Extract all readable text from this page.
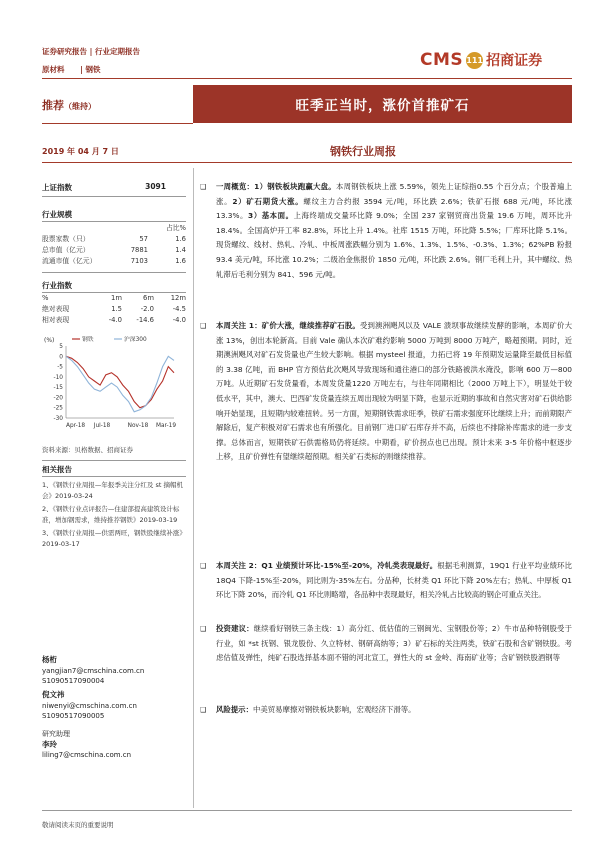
证券研究报告 | 行业定期报告
原材料      | 钢铁	CMS 111 招商证券
推荐（维持）	旺季正当时，涨价首推矿石
2019 年 04 月 7 日	钢铁行业周报
上证指数	3091
行业规模
占比%
股票家数（只）	57	1.6
总市值（亿元）	7881	1.4
流通市值（亿元）	7103	1.6
行业指数
%	1m	6m	12m
绝对表现	1.5	-2.0	-4.5
相对表现	-4.0	-14.6	-4.0
(%)
5
0
-5
-10
-15
-20
-25
-30
Apr-18 Jul-18	Nov-18 Mar-19
钢铁	沪深300
资料来源：贝格数据、招商证券
相关报告
1、《钢铁行业周报—年报季关注分红及 st 摘帽机会》2019-03-24
2、《钢铁行业点评报告—住建部提高建筑设计标准，增加钢需求，维持推荐钢铁》2019-03-19
3、《钢铁行业周报—供需两旺，钢铁股继续补涨》2019-03-17
杨桁
yangjian7@cmschina.com.cn
S1090517090004
倪文祎
niwenyi@cmschina.com.cn
S1090517090005
研究助理
李玲
liling7@cmschina.com.cn
❑	一周概览：1）钢铁板块跑赢大盘。本周钢铁板块上涨 5.59%，领先上证综指0.55 个百分点；个股普遍上涨。2）矿石期货大涨。螺纹主力合约报 3594 元/吨，环比跌 2.6%；铁矿石报 688 元/吨，环比涨 13.3%。3）基本面。上海终端成交量环比降 9.0%；全国 237 家钢贸商出货量 19.6 万吨，周环比升 18.4%。全国高炉开工率 82.8%，环比上升 1.4%。社库 1515 万吨，环比降 5.5%；厂库环比降 5.1%。现货螺纹、线材、热轧、冷轧、中板周涨跌幅分别为 1.6%、1.3%、1.5%、-0.3%、1.3%；62%PB 粉报 93.4 美元/吨，环比涨 10.2%；二级冶金焦报价 1850 元/吨，环比跌 2.6%。钢厂毛利上升，其中螺纹、热轧滞后毛利分别为 841、596 元/吨。
❑	本周关注 1：矿价大涨，继续推荐矿石股。受到澳洲飓风以及 VALE 溃坝事故继续发酵的影响，本周矿价大涨 13%，创出本轮新高。目前 Vale 确认本次矿难约影响 5000 万吨到 8000 万吨产，略超预期。同时，近期澳洲飓风对矿石发货量也产生较大影响。根据 mysteel 报道，力拓已将 19 年预期发运量降至最低目标值的 3.38 亿吨，而 BHP 官方预估此次飓风导致现场和通往港口的部分铁路被洪水淹没，影响 600 万—800 万吨。从近期矿石发货量看，本周发货量1220 万吨左右，与往年同期相比（2000 万吨上下），明显处于较低水平，其中，澳大、巴西矿发货量连续五周出现较为明显下降，也显示近期的事故和自然灾害对矿石供给影响开始显现，且短期内较难扭转。另一方面，短期钢铁需求旺季，铁矿石需求强度环比继续上升；而前期限产解除后，复产积极对矿石需求也有所强化。目前钢厂进口矿石库存并不高，后续也不排除补库需求的进一步支撑。总体而言，短期铁矿石供需格局仍将延续。中期看，矿价拐点也已出现。预计未来 3-5 年价格中枢逐步上移，且矿价弹性有望继续超预期。相关矿石类标的则继续推荐。
❑	本周关注 2：Q1 业绩预计环比-15%至-20%，冷轧类表现最好。根据毛利测算，19Q1 行业平均业绩环比 18Q4 下降-15%至-20%，同比则为-35%左右。分品种，长材类 Q1 环比下降 20%左右；热轧、中厚板 Q1 环比下降 20%，而冷轧 Q1 环比则略增，各品种中表现最好，相关冷轧占比较高的钢企可重点关注。
❑	投资建议：继续看好钢铁三条主线：1）高分红、低估值的三钢闽光、宝钢股份等；2）牛市品种特钢股受于行业，如 *st 抚钢、银龙股份、久立特材、钢研高纳等；3）矿石标的关注两类，铁矿石股和含矿钢铁股。考虑估值及弹性，纯矿石股选择基本面不错的河北宣工，弹性大的 st 金岭、海南矿业等；含矿钢铁股酒钢等
❑	风险提示：中美贸易摩擦对钢铁板块影响，宏观经济下滑等。
敬请阅读末页的重要说明
